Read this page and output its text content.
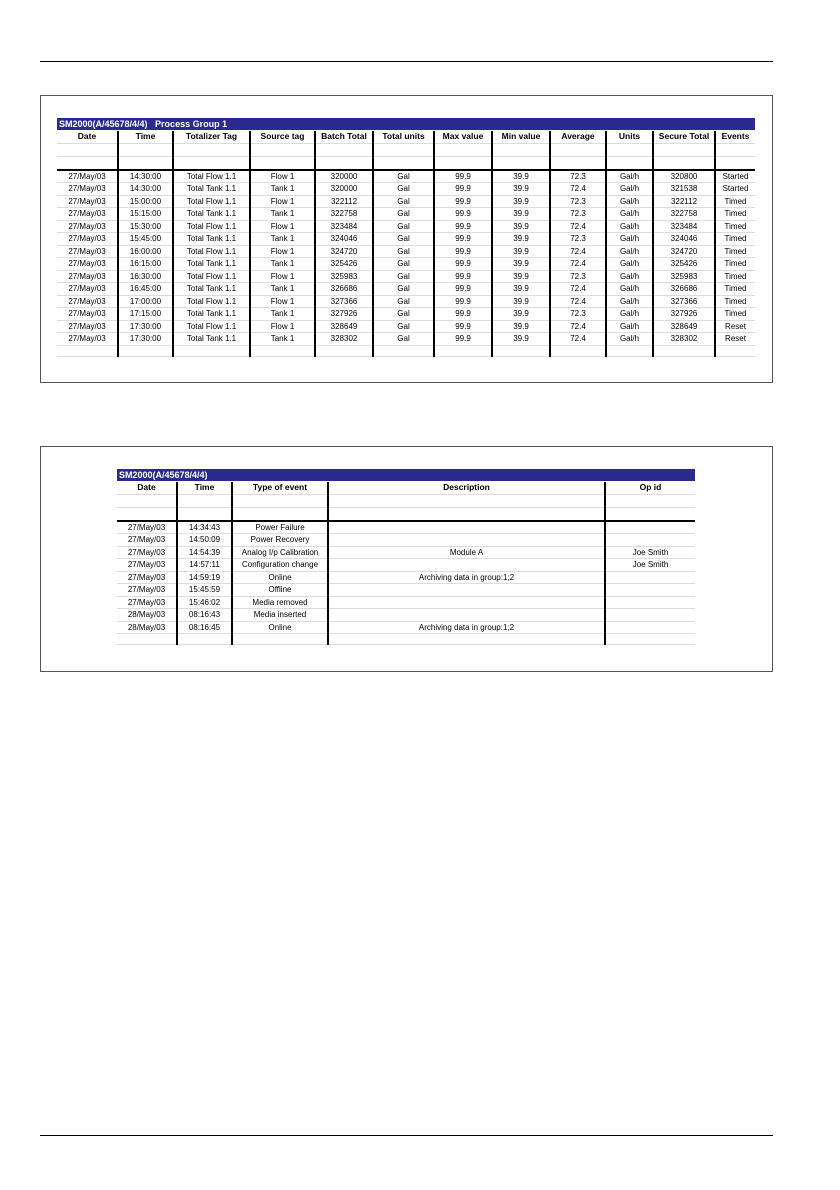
SM2000(A/45678/4/4)   Process Group 1
Date	Time	Totalizer Tag	Source tag	Batch Total	Total units	Max value	Min value	Average	Units	Secure Total	Events

27/May/03	14:30:00	Total Flow 1.1	Flow 1	320000	Gal	99.9	39.9	72.3	Gal/h	320800	Started
27/May/03	14:30:00	Total Tank 1.1	Tank 1	320000	Gal	99.9	39.9	72.4	Gal/h	321538	Started
27/May/03	15:00:00	Total Flow 1.1	Flow 1	322112	Gal	99.9	39.9	72.3	Gal/h	322112	Timed
27/May/03	15:15:00	Total Tank 1.1	Tank 1	322758	Gal	99.9	39.9	72.3	Gal/h	322758	Timed
27/May/03	15:30:00	Total Flow 1.1	Flow 1	323484	Gal	99.9	39.9	72.4	Gal/h	323484	Timed
27/May/03	15:45:00	Total Tank 1.1	Tank 1	324046	Gal	99.9	39.9	72.3	Gal/h	324046	Timed
27/May/03	16:00:00	Total Flow 1.1	Flow 1	324720	Gal	99.9	39.9	72.4	Gal/h	324720	Timed
27/May/03	16:15:00	Total Tank 1.1	Tank 1	325426	Gal	99.9	39.9	72.4	Gal/h	325426	Timed
27/May/03	16:30:00	Total Flow 1.1	Flow 1	325983	Gal	99.9	39.9	72.3	Gal/h	325983	Timed
27/May/03	16:45:00	Total Tank 1.1	Tank 1	326686	Gal	99.9	39.9	72.4	Gal/h	326686	Timed
27/May/03	17:00:00	Total Flow 1.1	Flow 1	327366	Gal	99.9	39.9	72.4	Gal/h	327366	Timed
27/May/03	17:15:00	Total Tank 1.1	Tank 1	327926	Gal	99.9	39.9	72.3	Gal/h	327926	Timed
27/May/03	17:30:00	Total Flow 1.1	Flow 1	328649	Gal	99.9	39.9	72.4	Gal/h	328649	Reset
27/May/03	17:30:00	Total Tank 1.1	Tank 1	328302	Gal	99.9	39.9	72.4	Gal/h	328302	Reset

SM2000(A/45678/4/4)
Date	Time	Type of event	Description	Op id

27/May/03	14:34:43	Power Failure		
27/May/03	14:50:09	Power Recovery		
27/May/03	14:54:39	Analog I/p Calibration	Module A	Joe Smith
27/May/03	14:57:11	Configuration change		Joe Smith
27/May/03	14:59:19	Online	Archiving data in group:1;2	
27/May/03	15:45:59	Offline		
27/May/03	15:46:02	Media removed		
28/May/03	08:16:43	Media inserted		
28/May/03	08:16:45	Online	Archiving data in group:1;2	
